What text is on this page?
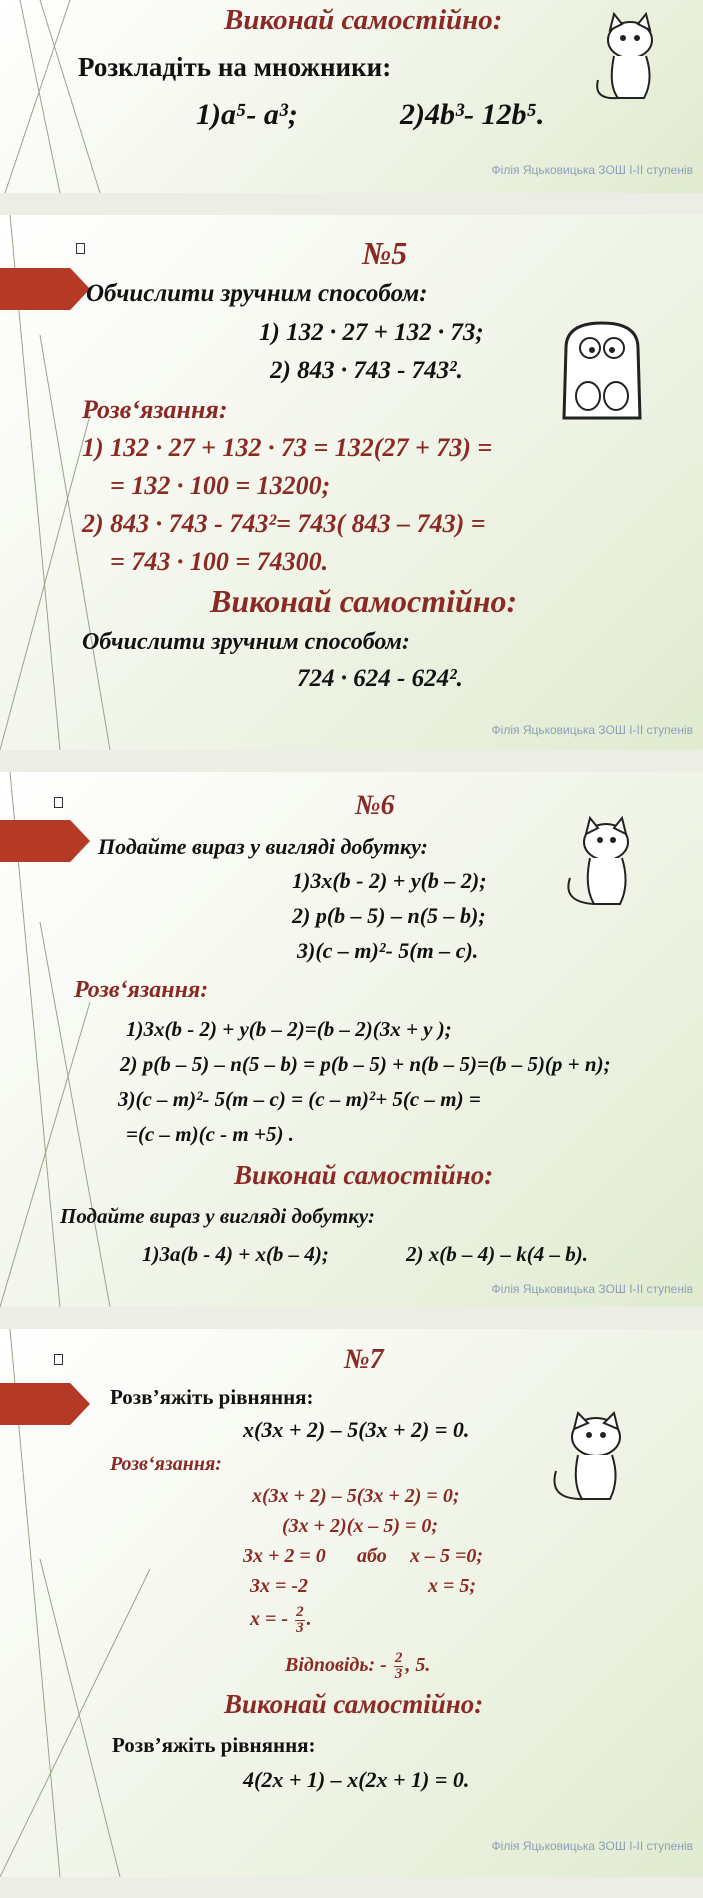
Виконай самостійно:
Розкладіть на множники:
1)a⁵- a³;	2)4b³- 12b⁵.
Філія Яцьковицька ЗОШ І-ІІ ступенів
№5
Обчислити зручним способом:
1) 132 · 27 + 132 · 73;
2) 843 · 743 - 743².
Розв‘язання:
1) 132 · 27 + 132 · 73 = 132(27 + 73) =
= 132 · 100 = 13200;
2) 843 · 743 - 743²= 743( 843 – 743) =
= 743 · 100 = 74300.
Виконай самостійно:
Обчислити зручним способом:
724 · 624 - 624².
Філія Яцьковицька ЗОШ І-ІІ ступенів
№6
Подайте вираз у вигляді добутку:
1)3x(b - 2) + y(b – 2);
2) p(b – 5) – n(5 – b);
3)(c – m)²- 5(m – c).
Розв‘язання:
1)3x(b - 2) + y(b – 2)=(b – 2)(3x + y );
2) p(b – 5) – n(5 – b) = p(b – 5) + n(b – 5)=(b – 5)(p + n);
3)(c – m)²- 5(m – c) = (c – m)²+ 5(c – m) =
=(c – m)(c - m +5) .
Виконай самостійно:
Подайте вираз у вигляді добутку:
1)3a(b - 4) + x(b – 4);	2) x(b – 4) – k(4 – b).
Філія Яцьковицька ЗОШ І-ІІ ступенів
№7
Розв’яжіть рівняння:
x(3x + 2) – 5(3x + 2) = 0.
Розв‘язання:
x(3x + 2) – 5(3x + 2) = 0;
(3x + 2)(x – 5) = 0;
3x + 2 = 0 або x – 5 =0;
3x = -2	x = 5;
x = - $\frac{2}{3}$ .
Відповідь: - $\frac{2}{3}$ , 5.
Виконай самостійно:
Розв’яжіть рівняння:
4(2x + 1) – x(2x + 1) = 0.
Філія Яцьковицька ЗОШ І-ІІ ступенів
